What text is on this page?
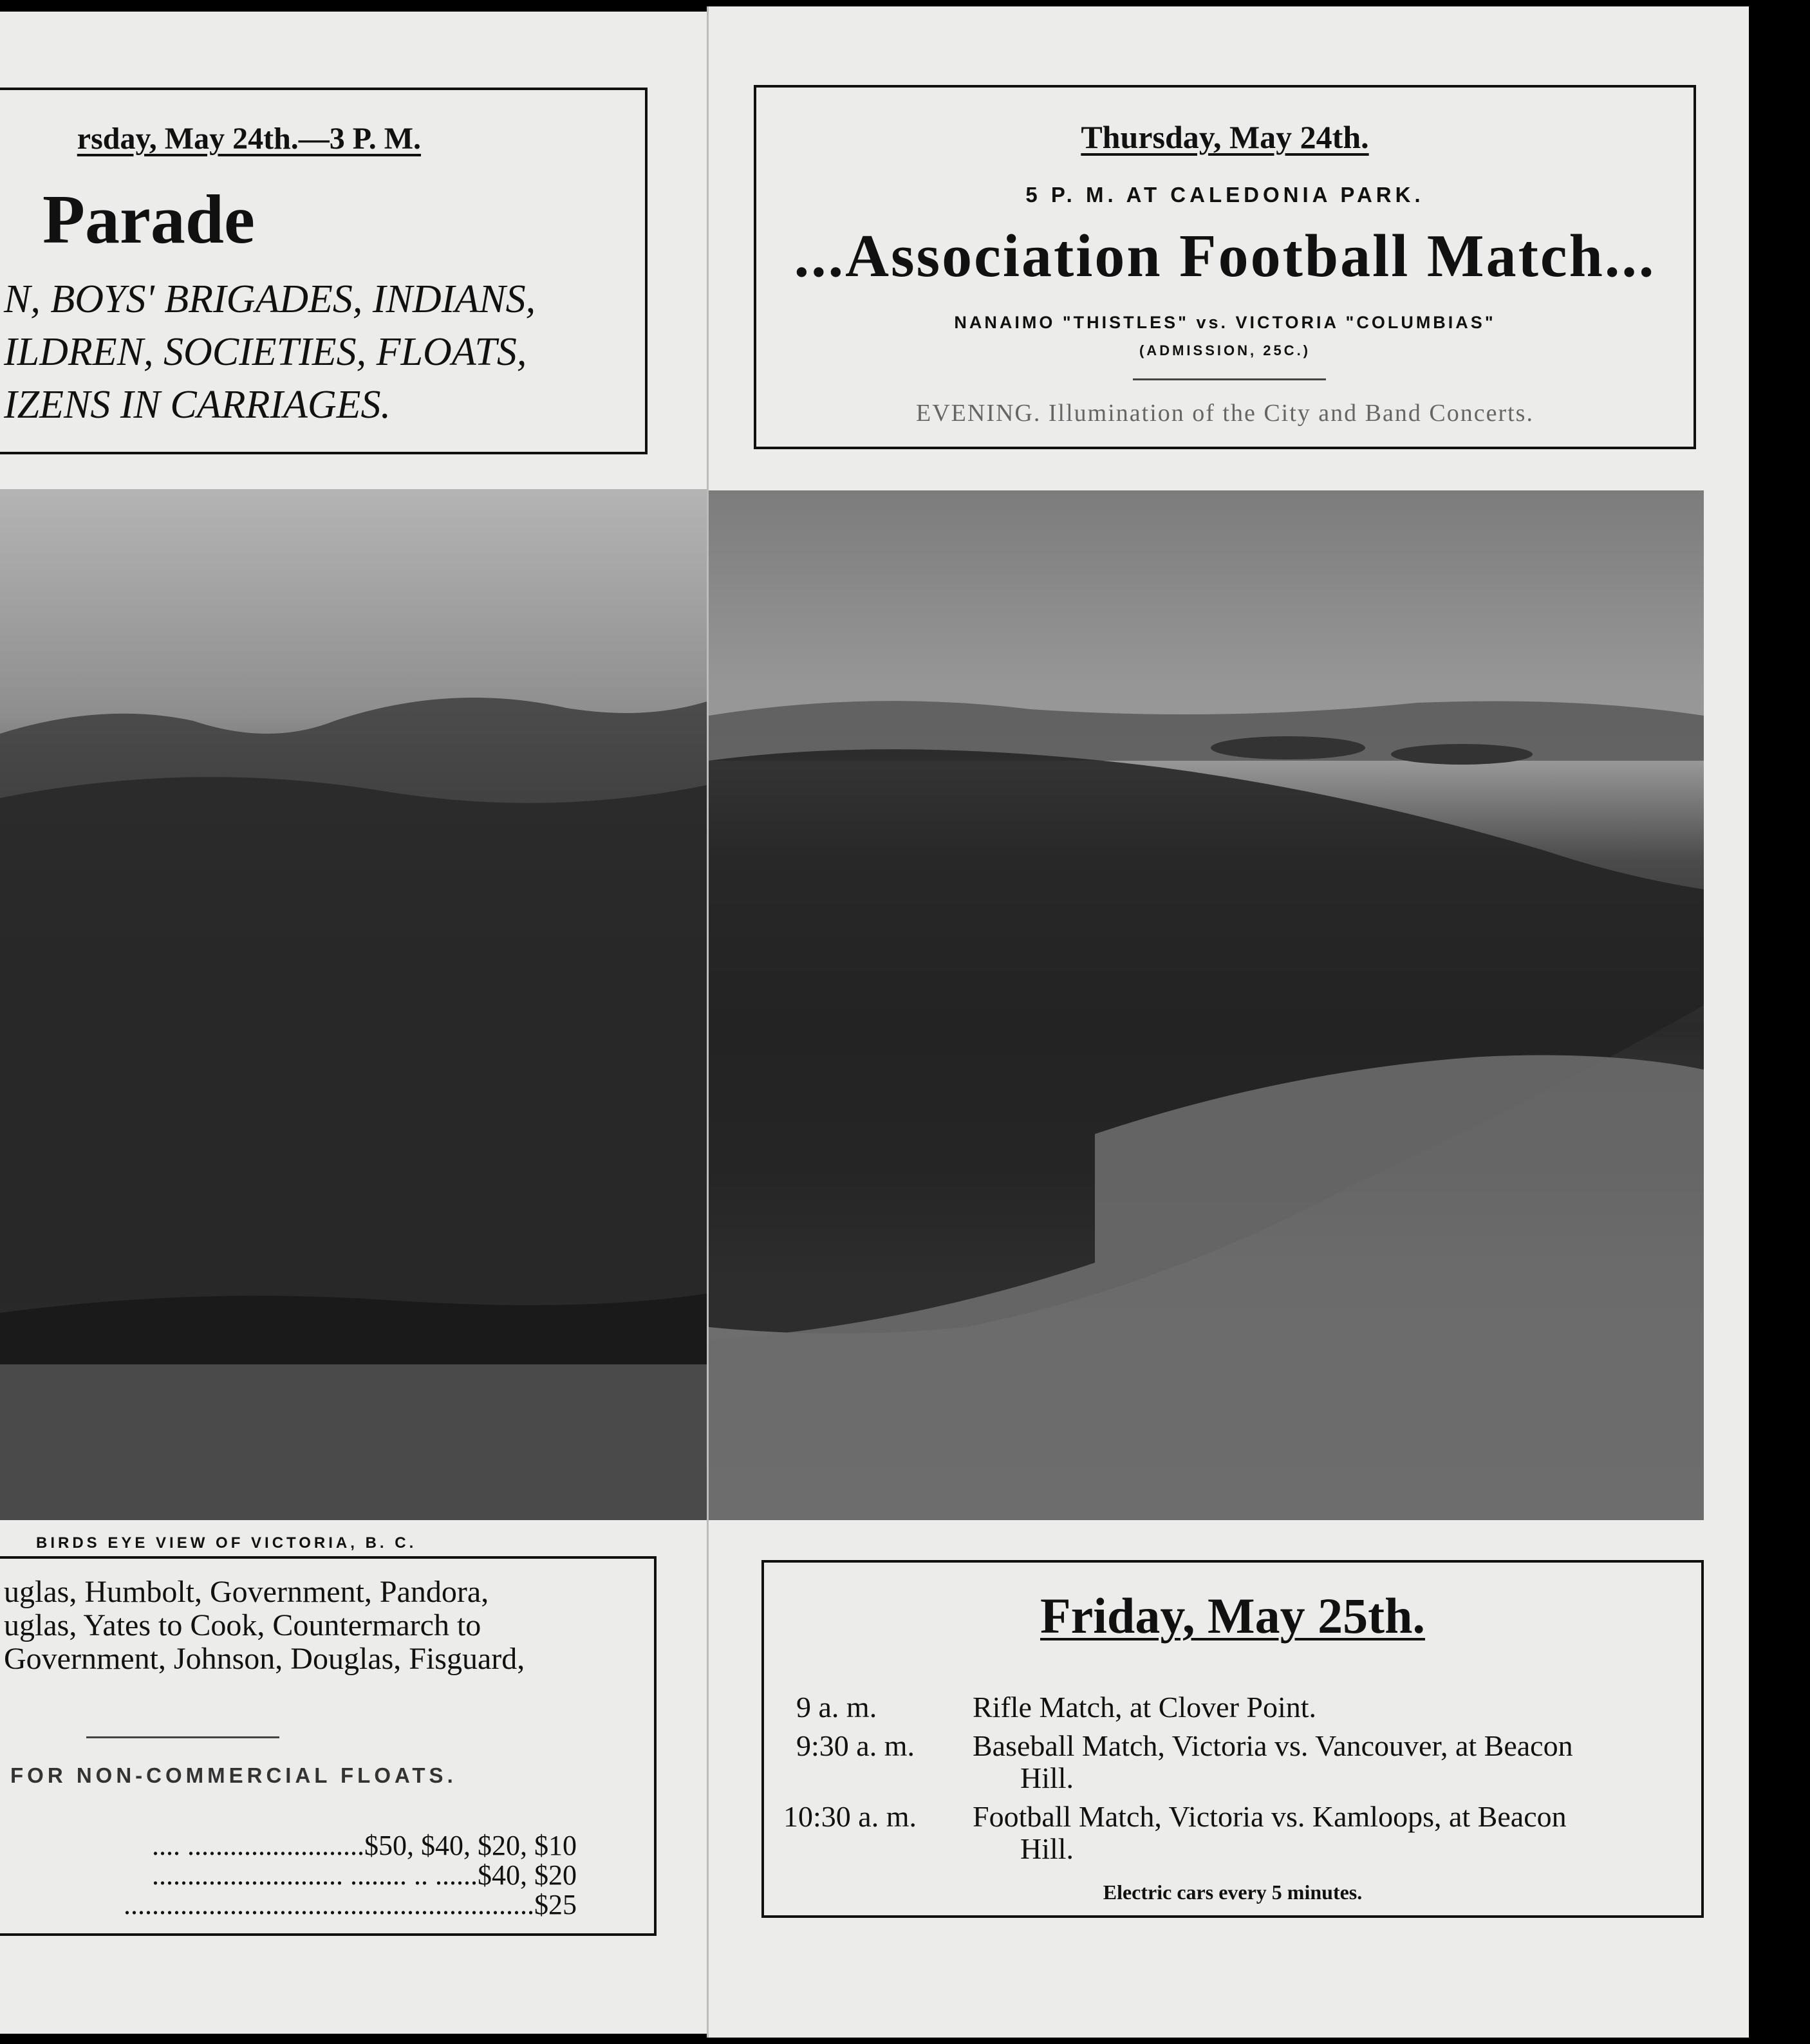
rsday, May 24th.—3 P. M.
Parade
N, BOYS' BRIGADES, INDIANS,
ILDREN, SOCIETIES, FLOATS,
IZENS IN CARRIAGES.
BIRDS EYE VIEW OF VICTORIA, B. C.
uglas, Humbolt, Government, Pandora,
uglas, Yates to Cook, Countermarch to
Government, Johnson, Douglas, Fisguard,
FOR NON-COMMERCIAL FLOATS.
.... .........................$50, $40, $20, $10
........................... ........ .. ......$40, $20
..........................................................$25
Thursday, May 24th.
5 P. M. AT CALEDONIA PARK.
...Association Football Match...
NANAIMO "THISTLES" vs. VICTORIA "COLUMBIAS"
(ADMISSION, 25C.)
EVENING. Illumination of the City and Band Concerts.
Friday, May 25th.
9 a. m.	Rifle Match, at Clover Point.
9:30 a. m. Baseball Match, Victoria vs. Vancouver, at Beacon
Hill.
10:30 a. m. Football Match, Victoria vs. Kamloops, at Beacon
Hill.
Electric cars every 5 minutes.
